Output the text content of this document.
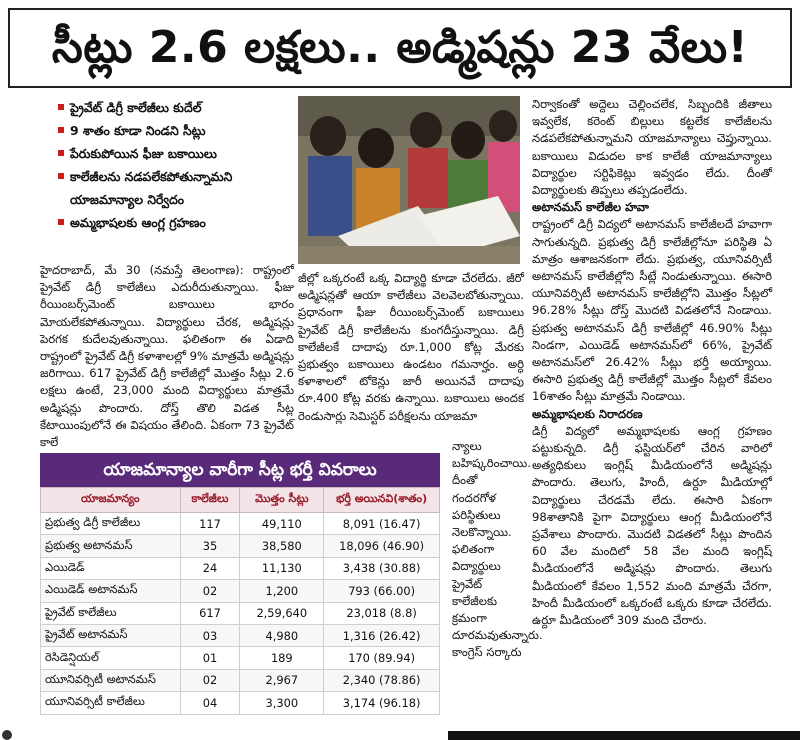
సీట్లు 2.6 లక్షలు.. అడ్మిషన్లు 23 వేలు!
ప్రైవేట్ డిగ్రీ కాలేజీలు కుదేల్
9 శాతం కూడా నిండని సీట్లు
పేరుకుపోయిన ఫీజు బకాయిలు
కాలేజీలను నడపలేకపోతున్నామని యాజమాన్యాల నిర్వేదం
అమ్మభాషలకు ఆంగ్ల గ్రహణం
హైదరాబాద్, మే 30 (నమస్తే తెలంగాణ): రాష్ట్రంలో ప్రైవేట్ డిగ్రీ కాలేజీలు ఎదురీదుతున్నాయి. ఫీజు రీయింబర్స్‌మెంట్ బకాయిలు భారం మోయలేకపోతున్నాయి. విద్యార్థులు చేరక, అడ్మిషన్లు పెరగక కుదేలవుతున్నాయి. ఫలితంగా ఈ ఏడాది రాష్ట్రంలో ప్రైవేట్ డిగ్రీ కళాశాలల్లో 9% మాత్రమే అడ్మిషన్లు జరిగాయి. 617 ప్రైవేట్ డిగ్రీ కాలేజీల్లో మొత్తం సీట్లు 2.6 లక్షలు ఉంటే, 23,000 మంది విద్యార్థులు మాత్రమే అడ్మిషన్లు పొందారు. దోస్త్ తొలి విడత సీట్ల కేటాయింపులోనే ఈ విషయం తేలింది. ఏకంగా 73 ప్రైవేట్ కాలే
జీల్లో ఒక్కరంటే ఒక్క విద్యార్థి కూడా చేరలేదు. జీరో అడ్మిషన్లతో ఆయా కాలేజీలు వెలవెలబోతున్నాయి. ప్రధానంగా ఫీజు రీయింబర్స్‌మెంట్ బకాయిలు ప్రైవేట్ డిగ్రీ కాలేజీలను కుంగదీస్తున్నాయి. డిగ్రీ కాలేజీలకే దాదాపు రూ.1,000 కోట్ల మేరకు ప్రభుత్వం బకాయిలు ఉండటం గమనార్హం. అర్ధి కళాశాలలో టోకెన్లు జారీ అయినవే దాదాపు రూ.400 కోట్ల వరకు ఉన్నాయి. బకాయిలు అందక రెండుసార్లు సెమిస్టర్ పరీక్షలను యాజమా
న్యాలు బహిష్కరించాయి. దీంతో గందరగోళ పరిస్థితులు నెలకొన్నాయి. ఫలితంగా విద్యార్థులు ప్రైవేట్ కాలేజీలకు క్రమంగా దూరమవుతున్నారు. కాంగ్రెస్ సర్కారు
నిర్వాకంతో అద్దెలు చెల్లించలేక, సిబ్బందికి జీతాలు ఇవ్వలేక, కరెంట్ బిల్లులు కట్టలేక కాలేజీలను నడపలేకపోతున్నామని యాజమాన్యాలు చెప్తున్నాయి. బకాయిలు విడుదల కాక కాలేజీ యాజమాన్యాలు విద్యార్థుల సర్టిఫికెట్లు ఇవ్వడం లేదు. దీంతో విద్యార్థులకు తిప్పలు తప్పడంలేదు.
అటానమస్ కాలేజీల హవా
రాష్ట్రంలో డిగ్రీ విద్యలో అటానమస్ కాలేజీలదే హవాగా సాగుతున్నది. ప్రభుత్వ డిగ్రీ కాలేజీల్లోనూ పరిస్థితి ఏ మాత్రం ఆశాజనకంగా లేదు. ప్రభుత్వ, యూనివర్సిటీ అటానమస్ కాలేజీల్లోని సీట్లే నిండుతున్నాయి. ఈసారి యూనివర్సిటీ అటానమస్ కాలేజీల్లోని మొత్తం సీట్లలో 96.28% సీట్లు దోస్త్ మొదటి విడతలోనే నిండాయి. ప్రభుత్వ అటానమస్ డిగ్రీ కాలేజీల్లో 46.90% సీట్లు నిండగా, ఎయిడెడ్ అటానమస్‌లో 66%, ప్రైవేట్ అటానమస్‌లో 26.42% సీట్లు భర్తీ అయ్యాయి. ఈసారి ప్రభుత్వ డిగ్రీ కాలేజీల్లో మొత్తం సీట్లలో కేవలం 16శాతం సీట్లు మాత్రమే నిండాయి.
అమ్మభాషలకు నిరాదరణ
డిగ్రీ విద్యలో అమ్మభాషలకు ఆంగ్ల గ్రహణం పట్టుకున్నది. డిగ్రీ ఫస్టియర్‌లో చేరిన వారిలో అత్యధికులు ఇంగ్లిష్ మీడియంలోనే అడ్మిషన్లు పొందారు. తెలుగు, హిందీ, ఉర్దూ మీడియాల్లో విద్యార్థులు చేరడమే లేదు. ఈసారి ఏకంగా 98శాతానికి పైగా విద్యార్థులు ఆంగ్ల మీడియంలోనే ప్రవేశాలు పొందారు. మొదటి విడతలో సీట్లు పొందిన 60 వేల మందిలో 58 వేల మంది ఇంగ్లిష్ మీడియంలోనే అడ్మిషన్లు పొందారు. తెలుగు మీడియంలో కేవలం 1,552 మంది మాత్రమే చేరగా, హిందీ మీడియంలో ఒక్కరంటే ఒక్కరు కూడా చేరలేదు. ఉర్దూ మీడియంలో 309 మంది చేరారు.
యాజమాన్యాల వారీగా సీట్ల భర్తీ వివరాలు
యాజమాన్యం	కాలేజీలు	మొత్తం సీట్లు	భర్తీ అయినవి(శాతం)
ప్రభుత్వ డిగ్రీ కాలేజీలు	117	49,110	8,091 (16.47)
ప్రభుత్వ అటానమస్	35	38,580	18,096 (46.90)
ఎయిడెడ్	24	11,130	3,438 (30.88)
ఎయిడెడ్ అటానమస్	02	1,200	793 (66.00)
ప్రైవేట్ కాలేజీలు	617	2,59,640	23,018 (8.8)
ప్రైవేట్ అటానమస్	03	4,980	1,316 (26.42)
రెసిడెన్షియల్	01	189	170 (89.94)
యూనివర్సిటీ అటానమస్	02	2,967	2,340 (78.86)
యూనివర్సిటీ కాలేజీలు	04	3,300	3,174 (96.18)
